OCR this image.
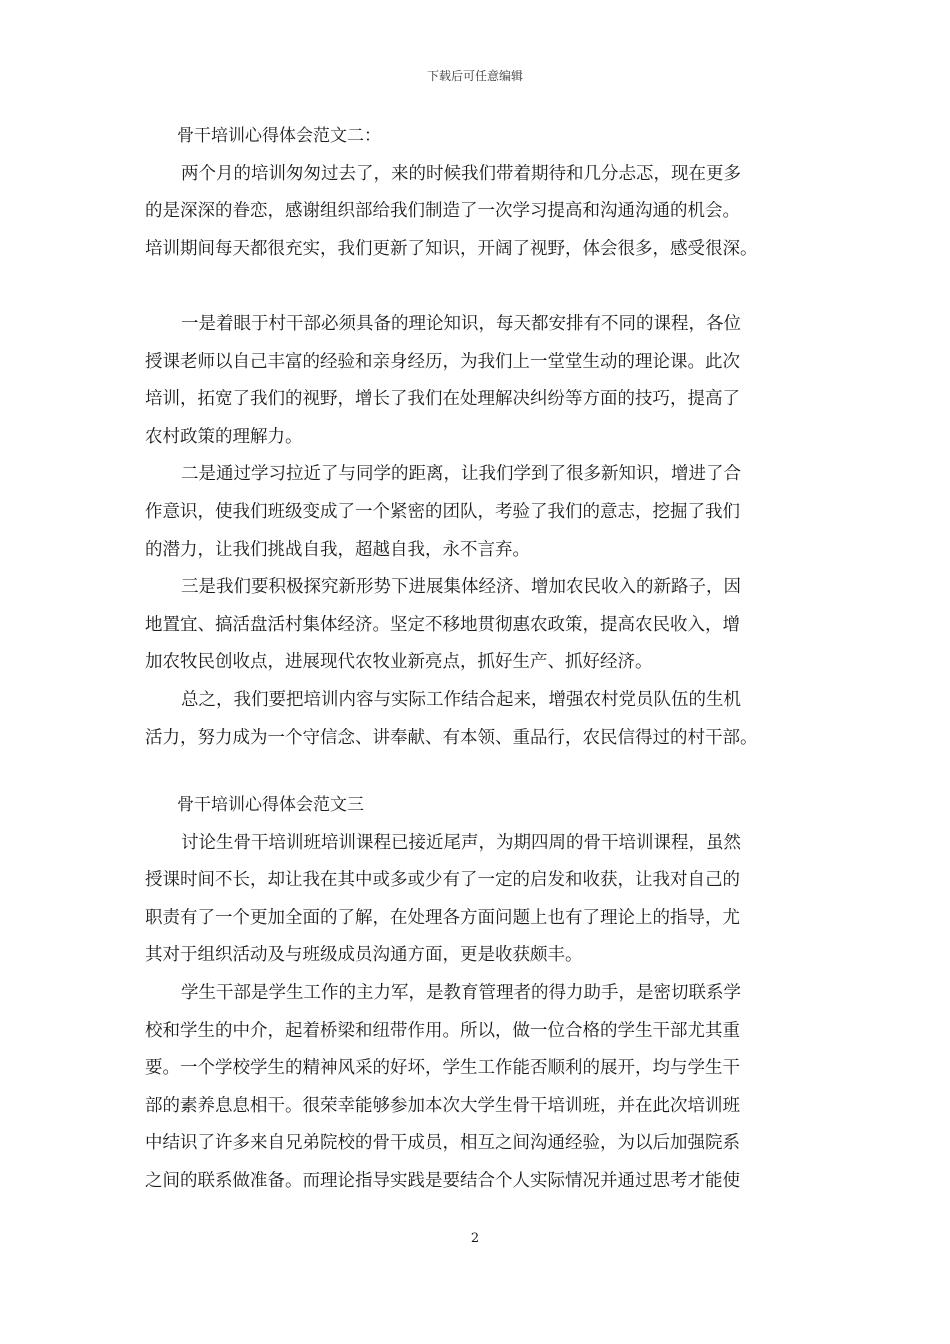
下载后可任意编辑
骨干培训心得体会范文二：
两个月的培训匆匆过去了，来的时候我们带着期待和几分忐忑，现在更多
的是深深的眷恋，感谢组织部给我们制造了一次学习提高和沟通沟通的机会。
培训期间每天都很充实，我们更新了知识，开阔了视野，体会很多，感受很深。
一是着眼于村干部必须具备的理论知识，每天都安排有不同的课程，各位
授课老师以自己丰富的经验和亲身经历，为我们上一堂堂生动的理论课。此次
培训，拓宽了我们的视野，增长了我们在处理解决纠纷等方面的技巧，提高了
农村政策的理解力。
二是通过学习拉近了与同学的距离，让我们学到了很多新知识，增进了合
作意识，使我们班级变成了一个紧密的团队，考验了我们的意志，挖掘了我们
的潜力，让我们挑战自我，超越自我，永不言弃。
三是我们要积极探究新形势下进展集体经济、增加农民收入的新路子，因
地置宜、搞活盘活村集体经济。坚定不移地贯彻惠农政策，提高农民收入，增
加农牧民创收点，进展现代农牧业新亮点，抓好生产、抓好经济。
总之，我们要把培训内容与实际工作结合起来，增强农村党员队伍的生机
活力，努力成为一个守信念、讲奉献、有本领、重品行，农民信得过的村干部。
骨干培训心得体会范文三
讨论生骨干培训班培训课程已接近尾声，为期四周的骨干培训课程，虽然
授课时间不长，却让我在其中或多或少有了一定的启发和收获，让我对自己的
职责有了一个更加全面的了解，在处理各方面问题上也有了理论上的指导，尤
其对于组织活动及与班级成员沟通方面，更是收获颇丰。
学生干部是学生工作的主力军，是教育管理者的得力助手，是密切联系学
校和学生的中介，起着桥梁和纽带作用。所以，做一位合格的学生干部尤其重
要。一个学校学生的精神风采的好坏，学生工作能否顺利的展开，均与学生干
部的素养息息相干。很荣幸能够参加本次大学生骨干培训班，并在此次培训班
中结识了许多来自兄弟院校的骨干成员，相互之间沟通经验，为以后加强院系
之间的联系做准备。而理论指导实践是要结合个人实际情况并通过思考才能使
2
